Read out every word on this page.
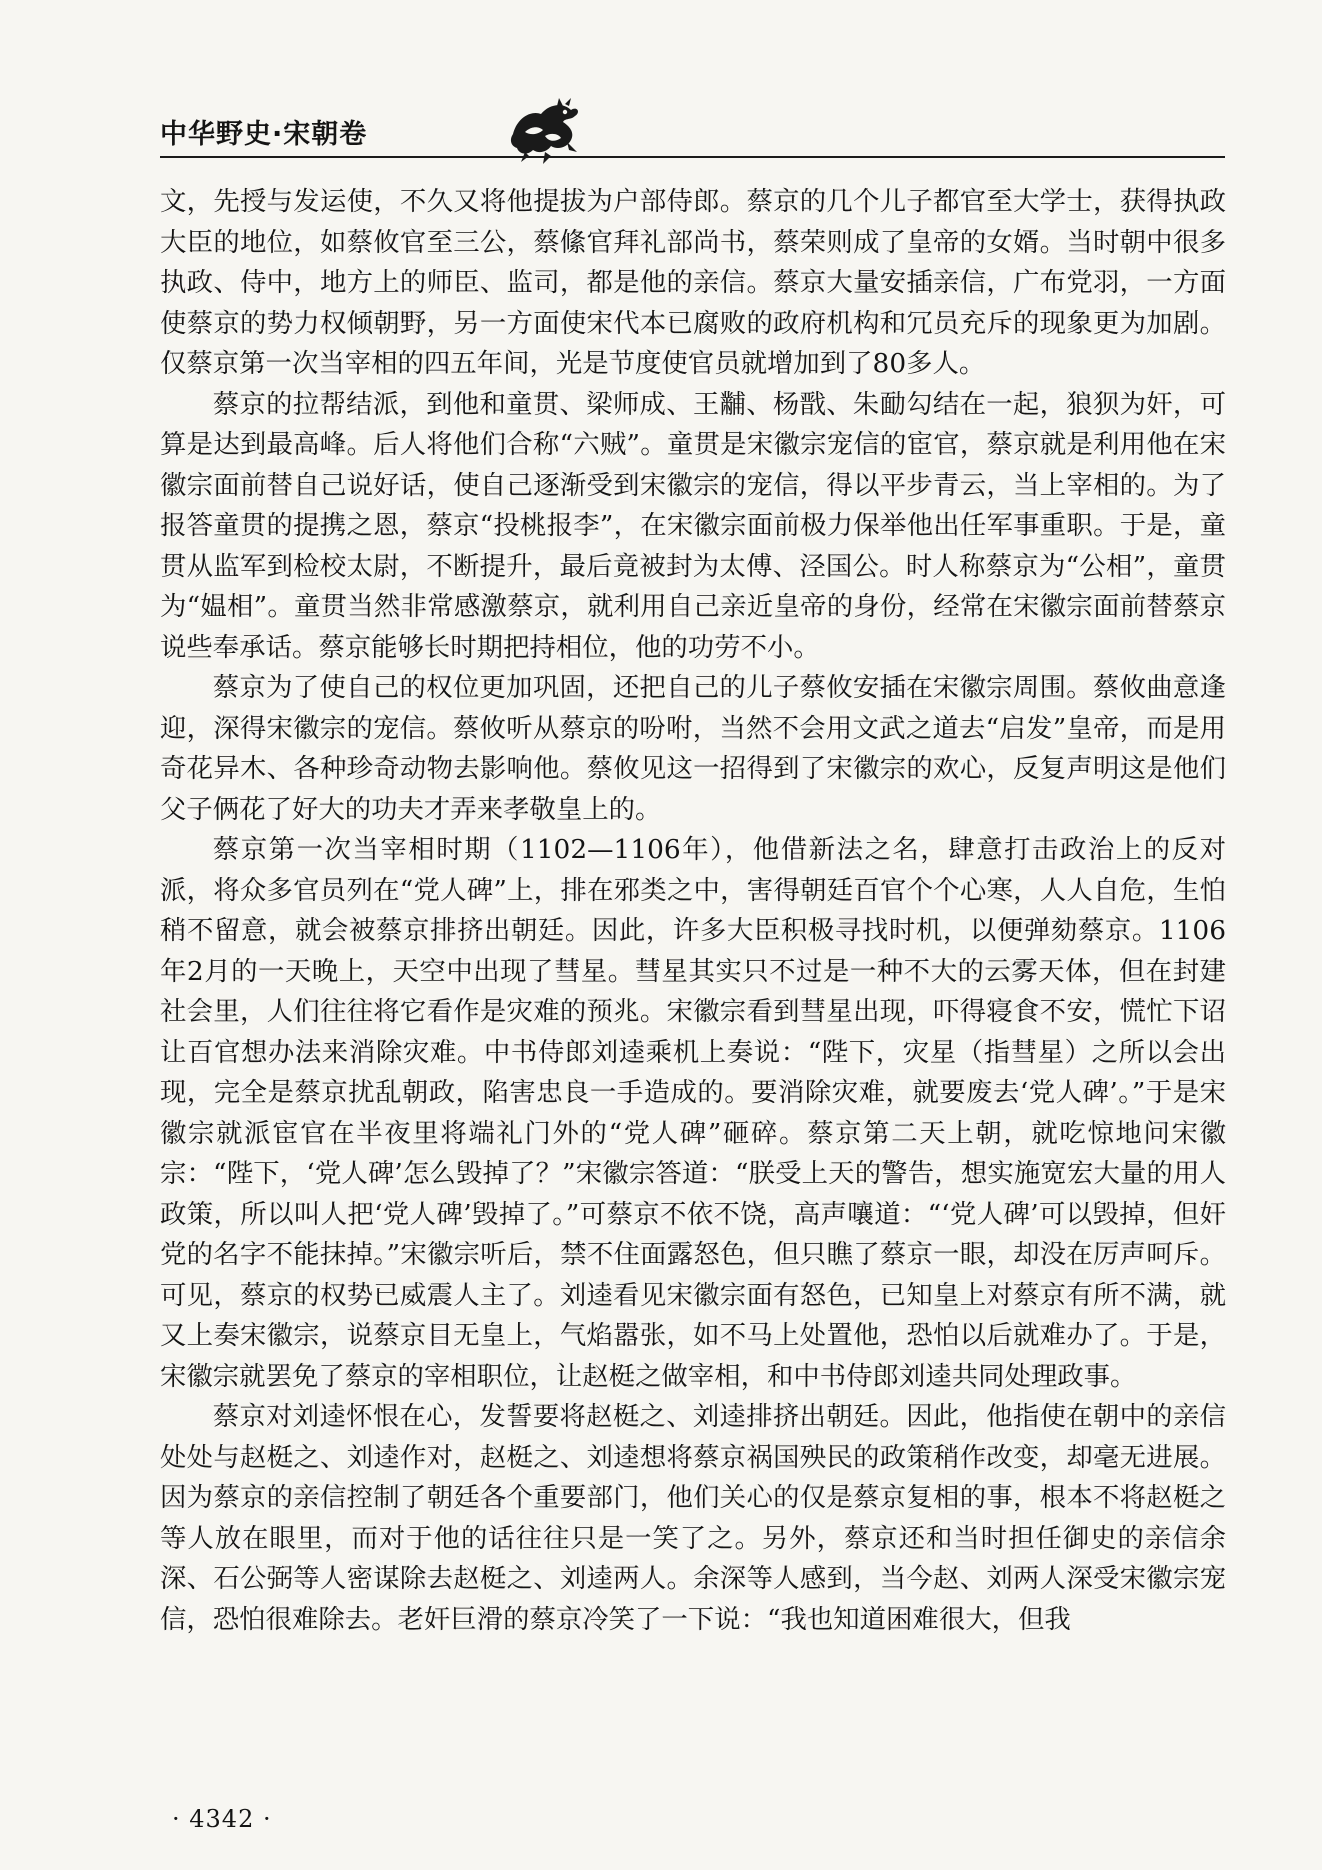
中华野史·宋朝卷

文，先授与发运使，不久又将他提拔为户部侍郎。蔡京的几个儿子都官至大学士，获得执政大臣的地位，如蔡攸官至三公，蔡絛官拜礼部尚书，蔡荣则成了皇帝的女婿。当时朝中很多执政、侍中，地方上的师臣、监司，都是他的亲信。蔡京大量安插亲信，广布党羽，一方面使蔡京的势力权倾朝野，另一方面使宋代本已腐败的政府机构和冗员充斥的现象更为加剧。仅蔡京第一次当宰相的四五年间，光是节度使官员就增加到了80多人。

蔡京的拉帮结派，到他和童贯、梁师成、王黼、杨戬、朱勔勾结在一起，狼狈为奸，可算是达到最高峰。后人将他们合称“六贼”。童贯是宋徽宗宠信的宦官，蔡京就是利用他在宋徽宗面前替自己说好话，使自己逐渐受到宋徽宗的宠信，得以平步青云，当上宰相的。为了报答童贯的提携之恩，蔡京“投桃报李”，在宋徽宗面前极力保举他出任军事重职。于是，童贯从监军到检校太尉，不断提升，最后竟被封为太傅、泾国公。时人称蔡京为“公相”，童贯为“媪相”。童贯当然非常感激蔡京，就利用自己亲近皇帝的身份，经常在宋徽宗面前替蔡京说些奉承话。蔡京能够长时期把持相位，他的功劳不小。

蔡京为了使自己的权位更加巩固，还把自己的儿子蔡攸安插在宋徽宗周围。蔡攸曲意逢迎，深得宋徽宗的宠信。蔡攸听从蔡京的吩咐，当然不会用文武之道去“启发”皇帝，而是用奇花异木、各种珍奇动物去影响他。蔡攸见这一招得到了宋徽宗的欢心，反复声明这是他们父子俩花了好大的功夫才弄来孝敬皇上的。

蔡京第一次当宰相时期（1102—1106年），他借新法之名，肆意打击政治上的反对派，将众多官员列在“党人碑”上，排在邪类之中，害得朝廷百官个个心寒，人人自危，生怕稍不留意，就会被蔡京排挤出朝廷。因此，许多大臣积极寻找时机，以便弹劾蔡京。1106年2月的一天晚上，天空中出现了彗星。彗星其实只不过是一种不大的云雾天体，但在封建社会里，人们往往将它看作是灾难的预兆。宋徽宗看到彗星出现，吓得寝食不安，慌忙下诏让百官想办法来消除灾难。中书侍郎刘逵乘机上奏说：“陛下，灾星（指彗星）之所以会出现，完全是蔡京扰乱朝政，陷害忠良一手造成的。要消除灾难，就要废去‘党人碑’。”于是宋徽宗就派宦官在半夜里将端礼门外的“党人碑”砸碎。蔡京第二天上朝，就吃惊地问宋徽宗：“陛下，‘党人碑’怎么毁掉了？”宋徽宗答道：“朕受上天的警告，想实施宽宏大量的用人政策，所以叫人把‘党人碑’毁掉了。”可蔡京不依不饶，高声嚷道：“‘党人碑’可以毁掉，但奸党的名字不能抹掉。”宋徽宗听后，禁不住面露怒色，但只瞧了蔡京一眼，却没在厉声呵斥。可见，蔡京的权势已威震人主了。刘逵看见宋徽宗面有怒色，已知皇上对蔡京有所不满，就又上奏宋徽宗，说蔡京目无皇上，气焰嚣张，如不马上处置他，恐怕以后就难办了。于是，宋徽宗就罢免了蔡京的宰相职位，让赵梃之做宰相，和中书侍郎刘逵共同处理政事。

蔡京对刘逵怀恨在心，发誓要将赵梃之、刘逵排挤出朝廷。因此，他指使在朝中的亲信处处与赵梃之、刘逵作对，赵梃之、刘逵想将蔡京祸国殃民的政策稍作改变，却毫无进展。因为蔡京的亲信控制了朝廷各个重要部门，他们关心的仅是蔡京复相的事，根本不将赵梃之等人放在眼里，而对于他的话往往只是一笑了之。另外，蔡京还和当时担任御史的亲信余深、石公弼等人密谋除去赵梃之、刘逵两人。余深等人感到，当今赵、刘两人深受宋徽宗宠信，恐怕很难除去。老奸巨滑的蔡京冷笑了一下说：“我也知道困难很大，但我

· 4342 ·
